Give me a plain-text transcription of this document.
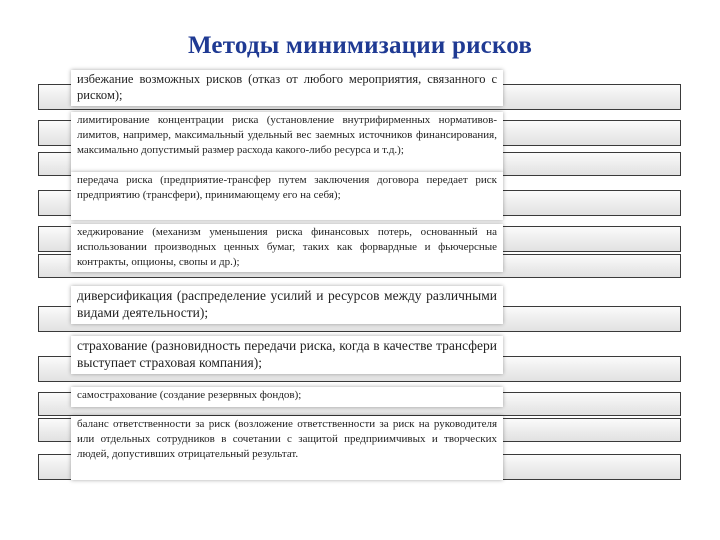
Методы минимизации рисков
избежание возможных рисков (отказ от любого мероприятия, связанного с риском);
лимитирование концентрации риска (установление внутрифирменных нормативов-лимитов, например, максимальный удельный вес заемных источников финансирования, максимально допустимый размер расхода какого-либо ресурса и т.д.);
передача риска (предприятие-трансфер путем заключения договора передает риск предприятию (трансфери), принимающему его на себя);
хеджирование (механизм уменьшения риска финансовых потерь, основанный на использовании производных ценных бумаг, таких как форвардные и фьючерсные контракты, опционы, свопы и др.);
диверсификация (распределение усилий и ресурсов между различными видами деятельности);
страхование (разновидность передачи риска, когда в качестве трансфери выступает страховая компания);
самострахование (создание резервных фондов);
баланс ответственности за риск (возложение ответственности за риск на руководителя или отдельных сотрудников в сочетании с защитой предприимчивых и творческих людей, допустивших отрицательный результат.
